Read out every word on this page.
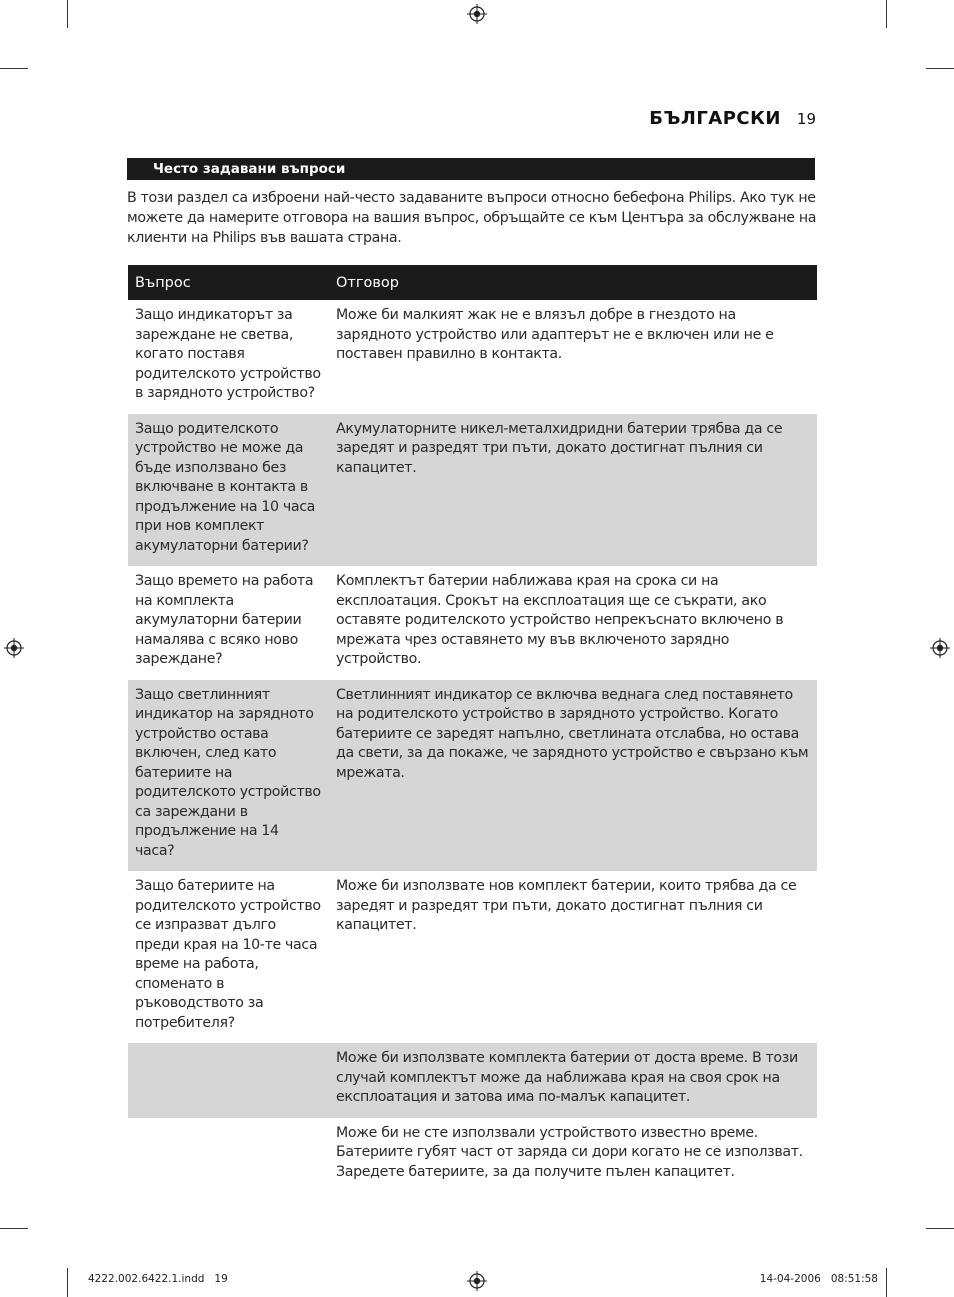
БЪЛГАРСКИ 19
Често задавани въпроси
В този раздел са изброени най-често задаваните въпроси относно бебефона Philips. Ако тук не можете да намерите отговора на вашия въпрос, обръщайте се към Центъра за обслужване на клиенти на Philips във вашата страна.
Въпрос	Отговор
Защо индикаторът за зареждане не светва, когато поставя родителското устройство в зарядното устройство?	Може би малкият жак не е влязъл добре в гнездото на зарядното устройство или адаптерът не е включен или не е поставен правилно в контакта.
Защо родителското устройство не може да бъде използвано без включване в контакта в продължение на 10 часа при нов комплект акумулаторни батерии?	Акумулаторните никел-металхидридни батерии трябва да се заредят и разредят три пъти, докато достигнат пълния си капацитет.
Защо времето на работа на комплекта акумулаторни батерии намалява с всяко ново зареждане?	Комплектът батерии наближава края на срока си на експлоатация. Срокът на експлоатация ще се съкрати, ако оставяте родителското устройство непрекъснато включено в мрежата чрез оставянето му във включеното зарядно устройство.
Защо светлинният индикатор на зарядното устройство остава включен, след като батериите на родителското устройство са зареждани в продължение на 14 часа?	Светлинният индикатор се включва веднага след поставянето на родителското устройство в зарядното устройство. Когато батериите се заредят напълно, светлината отслабва, но остава да свети, за да покаже, че зарядното устройство е свързано към мрежата.
Защо батериите на родителското устройство се изпразват дълго преди края на 10-те часа време на работа, споменато в ръководството за потребителя?	Може би използвате нов комплект батерии, които трябва да се заредят и разредят три пъти, докато достигнат пълния си капацитет.
	Може би използвате комплекта батерии от доста време. В този случай комплектът може да наближава края на своя срок на експлоатация и затова има по-малък капацитет.
	Може би не сте използвали устройството известно време. Батериите губят част от заряда си дори когато не се използват. Заредете батериите, за да получите пълен капацитет.
4222.002.6422.1.indd   19	14-04-2006   08:51:58
